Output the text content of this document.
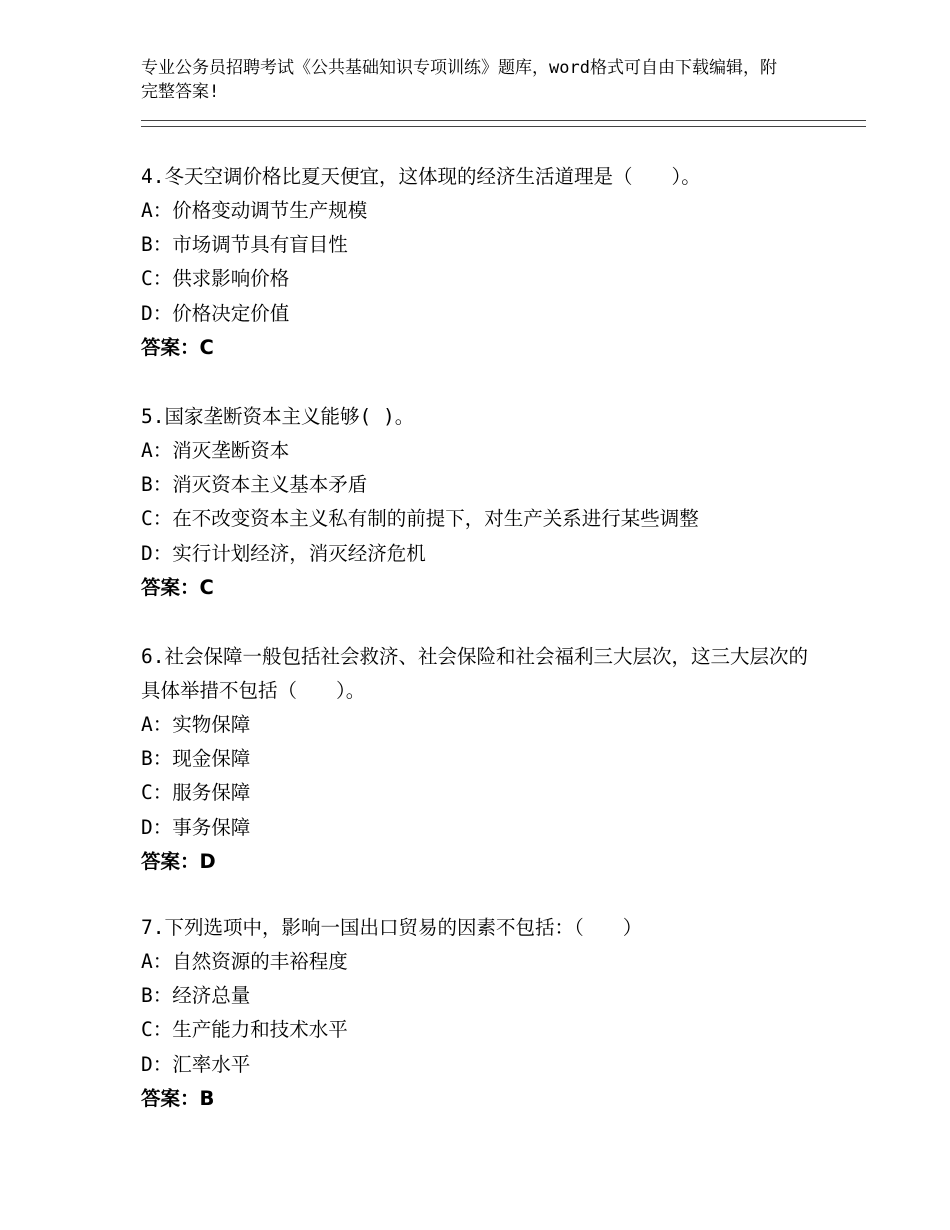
专业公务员招聘考试《公共基础知识专项训练》题库，word格式可自由下载编辑，附完整答案!
4.冬天空调价格比夏天便宜，这体现的经济生活道理是（　　）。
A：价格变动调节生产规模
B：市场调节具有盲目性
C：供求影响价格
D：价格决定价值
答案：C
5.国家垄断资本主义能够( )。
A：消灭垄断资本
B：消灭资本主义基本矛盾
C：在不改变资本主义私有制的前提下，对生产关系进行某些调整
D：实行计划经济，消灭经济危机
答案：C
6.社会保障一般包括社会救济、社会保险和社会福利三大层次，这三大层次的具体举措不包括（　　）。
A：实物保障
B：现金保障
C：服务保障
D：事务保障
答案：D
7.下列选项中，影响一国出口贸易的因素不包括：（　　）
A：自然资源的丰裕程度
B：经济总量
C：生产能力和技术水平
D：汇率水平
答案：B
